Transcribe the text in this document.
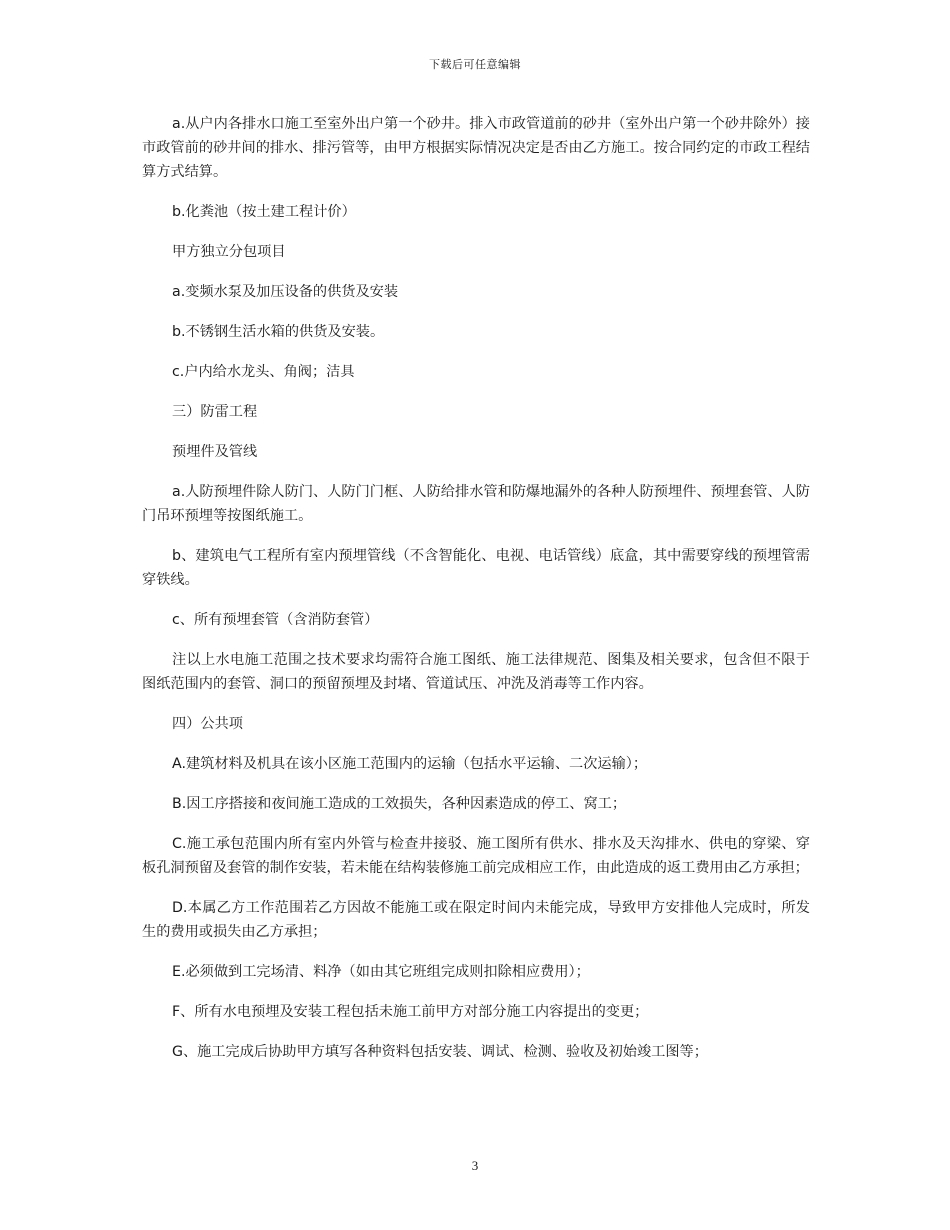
下载后可任意编辑

a.从户内各排水口施工至室外出户第一个砂井。排入市政管道前的砂井（室外出户第一个砂井除外）接市政管前的砂井间的排水、排污管等，由甲方根据实际情况决定是否由乙方施工。按合同约定的市政工程结算方式结算。

b.化粪池（按土建工程计价）

甲方独立分包项目

a.变频水泵及加压设备的供货及安装

b.不锈钢生活水箱的供货及安装。

c.户内给水龙头、角阀；洁具

三）防雷工程

预埋件及管线

a.人防预埋件除人防门、人防门门框、人防给排水管和防爆地漏外的各种人防预埋件、预埋套管、人防门吊环预埋等按图纸施工。

b、建筑电气工程所有室内预埋管线（不含智能化、电视、电话管线）底盒，其中需要穿线的预埋管需穿铁线。

c、所有预埋套管（含消防套管）

注以上水电施工范围之技术要求均需符合施工图纸、施工法律规范、图集及相关要求，包含但不限于图纸范围内的套管、洞口的预留预埋及封堵、管道试压、冲洗及消毒等工作内容。

四）公共项

A.建筑材料及机具在该小区施工范围内的运输（包括水平运输、二次运输）；

B.因工序搭接和夜间施工造成的工效损失，各种因素造成的停工、窝工；

C.施工承包范围内所有室内外管与检查井接驳、施工图所有供水、排水及天沟排水、供电的穿梁、穿板孔洞预留及套管的制作安装，若未能在结构装修施工前完成相应工作，由此造成的返工费用由乙方承担；

D.本属乙方工作范围若乙方因故不能施工或在限定时间内未能完成，导致甲方安排他人完成时，所发生的费用或损失由乙方承担；

E.必须做到工完场清、料净（如由其它班组完成则扣除相应费用）；

F、所有水电预埋及安装工程包括未施工前甲方对部分施工内容提出的变更；

G、施工完成后协助甲方填写各种资料包括安装、调试、检测、验收及初始竣工图等；

3
